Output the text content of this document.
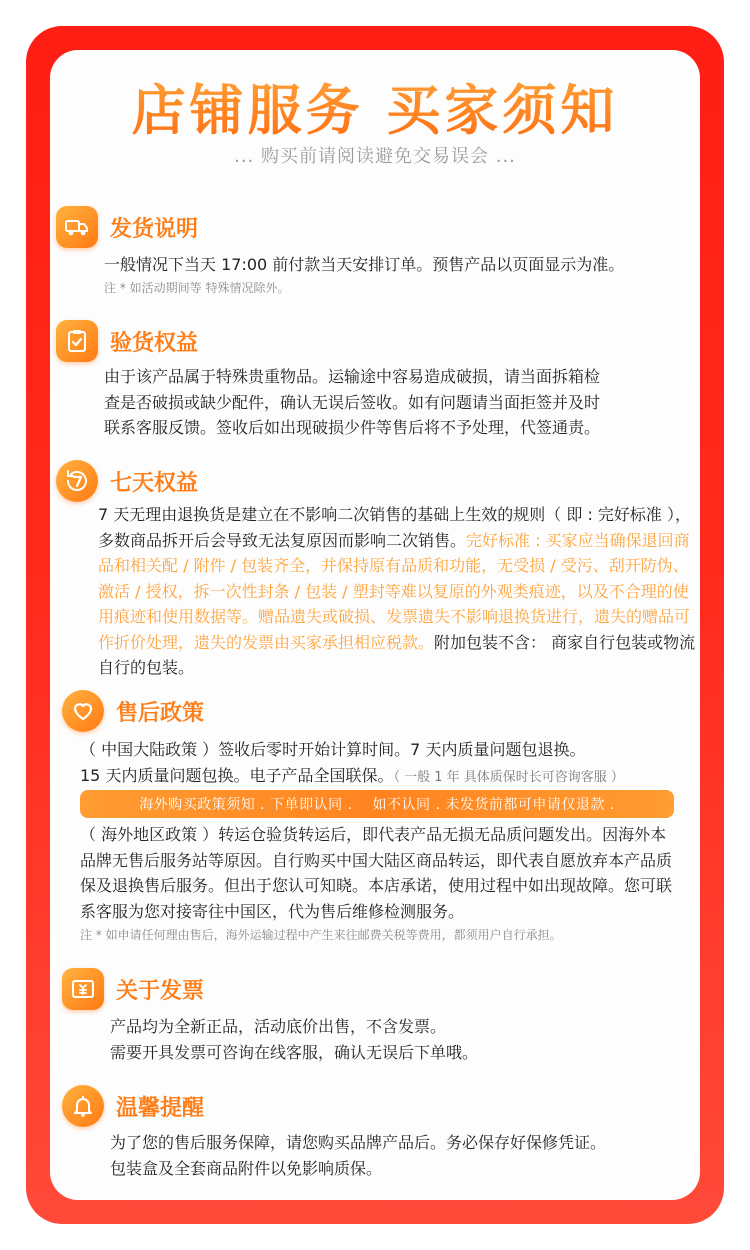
店铺服务 买家须知
... 购买前请阅读避免交易误会 ...
发货说明
一般情况下当天 17:00 前付款当天安排订单。预售产品以页面显示为准。
注 * 如活动期间等 特殊情况除外。
验货权益
由于该产品属于特殊贵重物品。运输途中容易造成破损，请当面拆箱检
查是否破损或缺少配件，确认无误后签收。如有问题请当面拒签并及时
联系客服反馈。签收后如出现破损少件等售后将不予处理，代签通责。
七天权益
7 天无理由退换货是建立在不影响二次销售的基础上生效的规则（ 即 : 完好标准 ），多数商品拆开后会导致无法复原因而影响二次销售。完好标准 : 买家应当确保退回商品和相关配 / 附件 / 包装齐全，并保持原有品质和功能，无受损 / 受污、刮开防伪、激活 / 授权，拆一次性封条 / 包装 / 塑封等难以复原的外观类痕迹，以及不合理的使用痕迹和使用数据等。赠品遗失或破损、发票遗失不影响退换货进行，遗失的赠品可作折价处理，遗失的发票由买家承担相应税款。附加包装不含： 商家自行包装或物流自行的包装。
售后政策
（ 中国大陆政策 ）签收后零时开始计算时间。7 天内质量问题包退换。
15 天内质量问题包换。电子产品全国联保。（ 一般 1 年 具体质保时长可咨询客服 ）
海外购买政策须知 . 下单即认同 . 如不认同 . 未发货前都可申请仅退款 .
（ 海外地区政策 ）转运仓验货转运后，即代表产品无损无品质问题发出。因海外本品牌无售后服务站等原因。自行购买中国大陆区商品转运，即代表自愿放弃本产品质保及退换售后服务。但出于您认可知晓。本店承诺，使用过程中如出现故障。您可联系客服为您对接寄往中国区，代为售后维修检测服务。
注 * 如申请任何理由售后，海外运输过程中产生来往邮费关税等费用，都须用户自行承担。
关于发票
产品均为全新正品，活动底价出售，不含发票。
需要开具发票可咨询在线客服，确认无误后下单哦。
温馨提醒
为了您的售后服务保障，请您购买品牌产品后。务必保存好保修凭证。
包装盒及全套商品附件以免影响质保。
